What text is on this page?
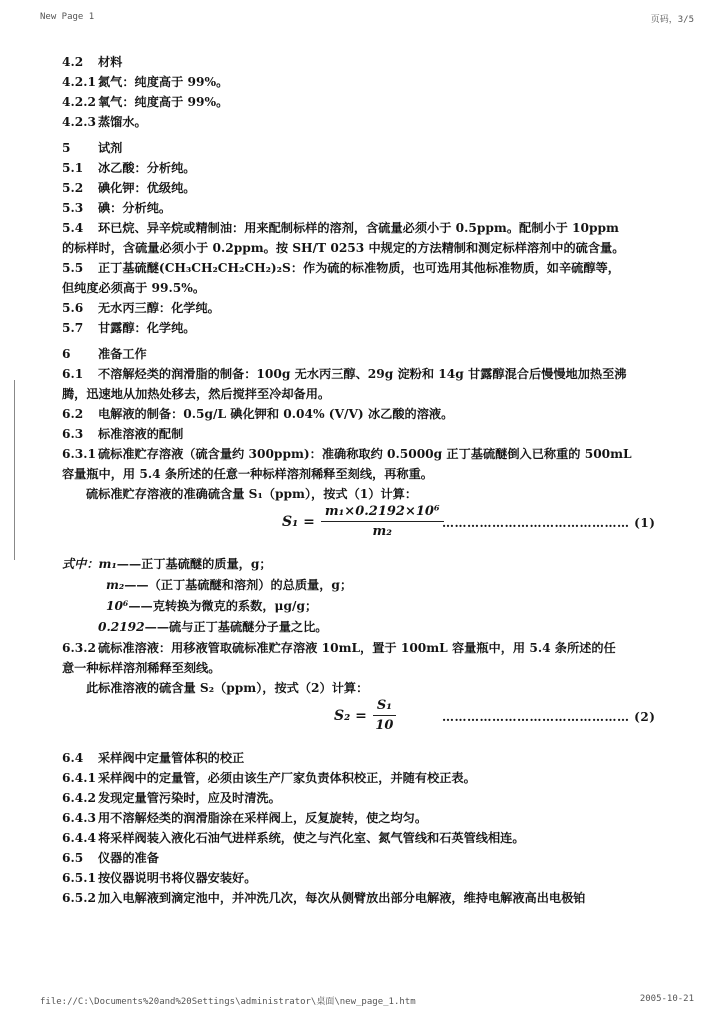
New Page 1	页码，3/5
4.2 材料
4.2.1 氮气：纯度高于 99%。
4.2.2 氧气：纯度高于 99%。
4.2.3 蒸馏水。
5 试剂
5.1 冰乙酸：分析纯。
5.2 碘化钾：优级纯。
5.3 碘：分析纯。
5.4 环已烷、异辛烷或精制油：用来配制标样的溶剂，含硫量必须小于 0.5ppm。配制小于 10ppm
的标样时，含硫量必须小于 0.2ppm。按 SH/T 0253 中规定的方法精制和测定标样溶剂中的硫含量。
5.5 正丁基硫醚(CH₃CH₂CH₂CH₂)₂S：作为硫的标准物质，也可选用其他标准物质，如辛硫醇等，
但纯度必须高于 99.5%。
5.6 无水丙三醇：化学纯。
5.7 甘露醇：化学纯。
6 准备工作
6.1 不溶解烃类的润滑脂的制备：100g 无水丙三醇、29g 淀粉和 14g 甘露醇混合后慢慢地加热至沸
腾，迅速地从加热处移去，然后搅拌至冷却备用。
6.2 电解液的制备：0.5g/L 碘化钾和 0.04% (V/V) 冰乙酸的溶液。
6.3 标准溶液的配制
6.3.1 硫标准贮存溶液（硫含量约 300ppm)：准确称取约 0.5000g 正丁基硫醚倒入已称重的 500mL
容量瓶中，用 5.4 条所述的任意一种标样溶剂稀释至刻线，再称重。
硫标准贮存溶液的准确硫含量 S₁（ppm），按式（1）计算：
$S_1 = \frac{\text{m₁×0.2192×10⁶}}{\text{m₂}}$
……………………………………… (1)
式中：m₁——正丁基硫醚的质量，g；
m₂——（正丁基硫醚和溶剂）的总质量，g；
10⁶——克转换为微克的系数，μg/g；
0.2192——硫与正丁基硫醚分子量之比。
6.3.2 硫标准溶液：用移液管取硫标准贮存溶液 10mL，置于 100mL 容量瓶中，用 5.4 条所述的任
意一种标样溶剂稀释至刻线。
此标准溶液的硫含量 S₂（ppm），按式（2）计算：
$S_2 = \frac{\text{S₁}}{10}$	……………………………………… (2)
6.4 采样阀中定量管体积的校正
6.4.1 采样阀中的定量管，必须由该生产厂家负责体积校正，并随有校正表。
6.4.2 发现定量管污染时，应及时清洗。
6.4.3 用不溶解烃类的润滑脂涂在采样阀上，反复旋转，使之均匀。
6.4.4 将采样阀装入液化石油气进样系统，使之与汽化室、氮气管线和石英管线相连。
6.5 仪器的准备
6.5.1 按仪器说明书将仪器安装好。
6.5.2 加入电解液到滴定池中，并冲洗几次，每次从侧臂放出部分电解液，维持电解液高出电极铂
file://C:\Documents%20and%20Settings\administrator\桌面\new_page_1.htm	2005-10-21
